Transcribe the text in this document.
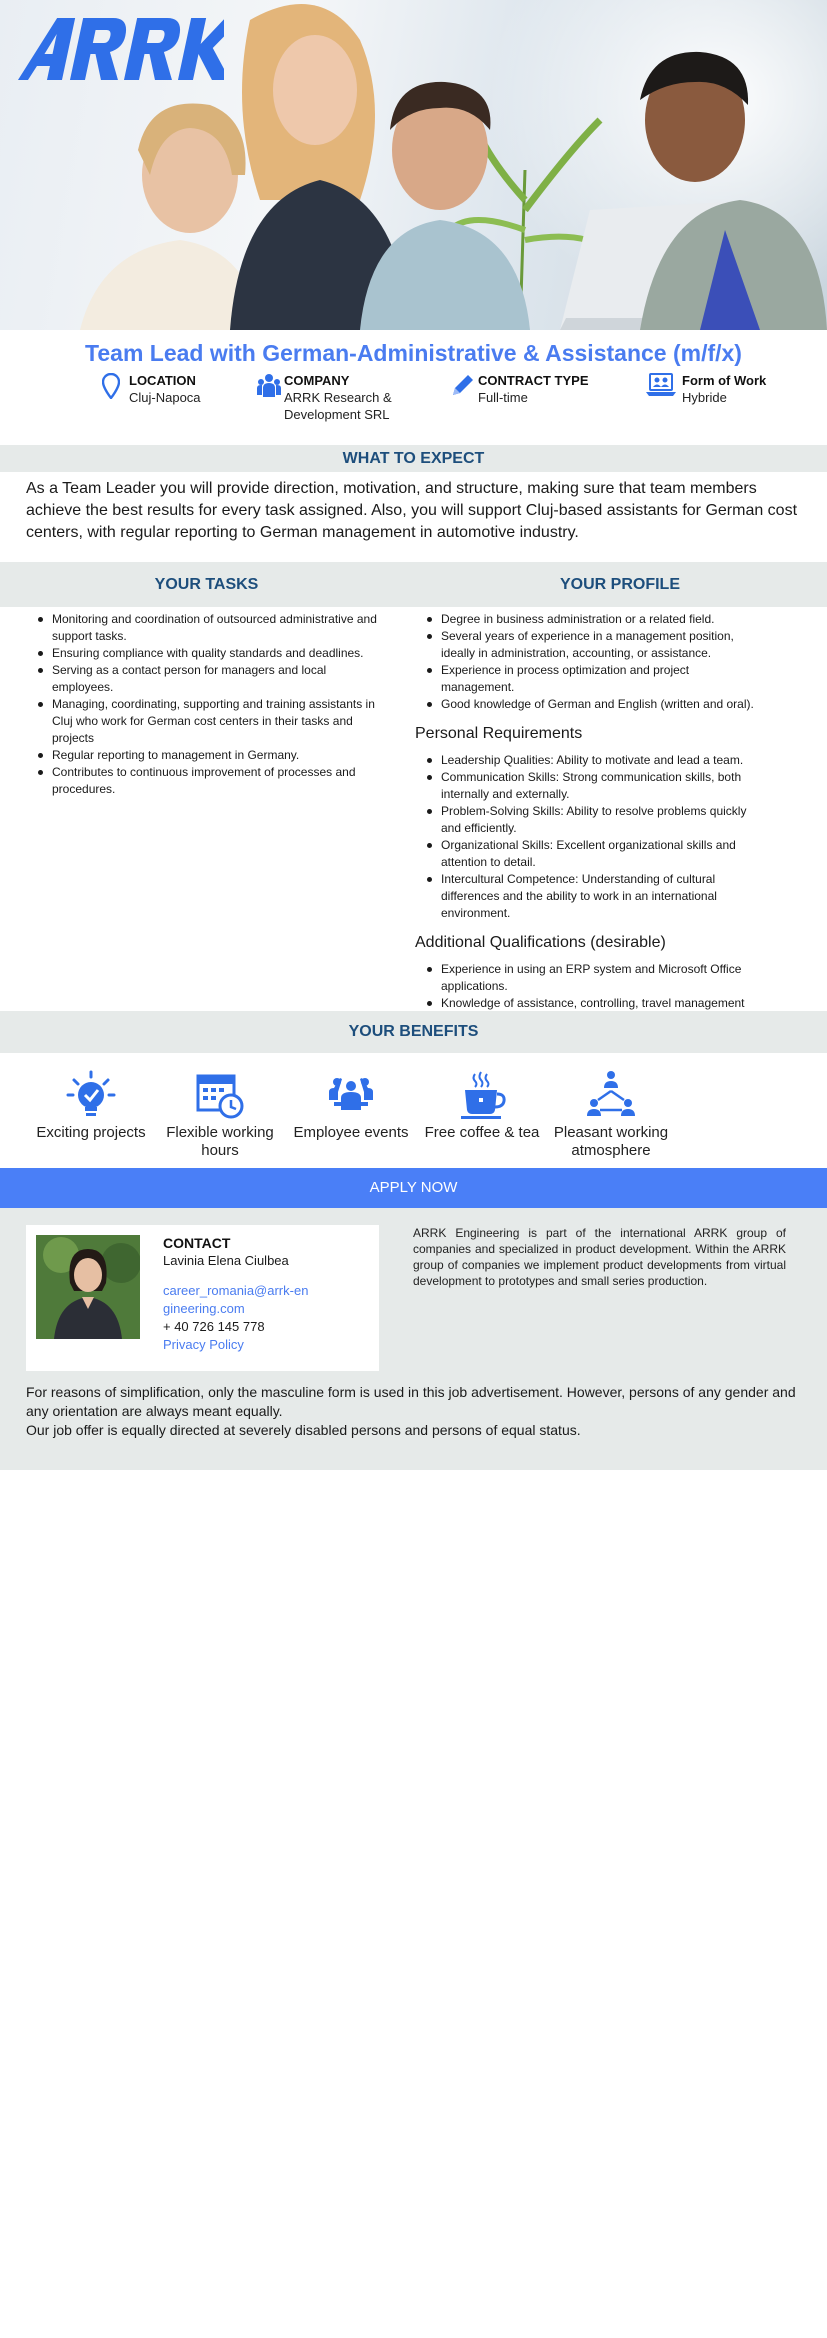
Team Lead with German-Administrative & Assistance (m/f/x)
LOCATION
Cluj-Napoca
COMPANY
ARRK Research & Development SRL
CONTRACT TYPE
Full-time
Form of Work
Hybride
WHAT TO EXPECT

As a Team Leader you will provide direction, motivation, and structure, making sure that team members achieve the best results for every task assigned. Also, you will support Cluj-based assistants for German cost centers, with regular reporting to German management in automotive industry.

YOUR TASKS	YOUR PROFILE
Monitoring and coordination of outsourced administrative and support tasks.
Ensuring compliance with quality standards and deadlines.
Serving as a contact person for managers and local employees.
Managing, coordinating, supporting and training assistants in Cluj who work for German cost centers in their tasks and projects
Regular reporting to management in Germany.
Contributes to continuous improvement of processes and procedures.
Degree in business administration or a related field.
Several years of experience in a management position, ideally in administration, accounting, or assistance.
Experience in process optimization and project management.
Good knowledge of German and English (written and oral).
Personal Requirements
Leadership Qualities: Ability to motivate and lead a team.
Communication Skills: Strong communication skills, both internally and externally.
Problem-Solving Skills: Ability to resolve problems quickly and efficiently.
Organizational Skills: Excellent organizational skills and attention to detail.
Intercultural Competence: Understanding of cultural differences and the ability to work in an international environment.
Additional Qualifications (desirable)
Experience in using an ERP system and Microsoft Office applications.
Knowledge of assistance, controlling, travel management
YOUR BENEFITS
Exciting projects	Flexible working hours
Employee events	Free coffee & tea Pleasant working atmosphere
APPLY NOW
CONTACT
Lavinia Elena Ciulbea
career_romania@arrk-engineering.com
+ 40 726 145 778
Privacy Policy

ARRK Engineering is part of the international ARRK group of companies and specialized in product development. Within the ARRK group of companies we implement product developments from virtual development to prototypes and small series production.

For reasons of simplification, only the masculine form is used in this job advertisement. However, persons of any gender and any orientation are always meant equally.

Our job offer is equally directed at severely disabled persons and persons of equal status.
